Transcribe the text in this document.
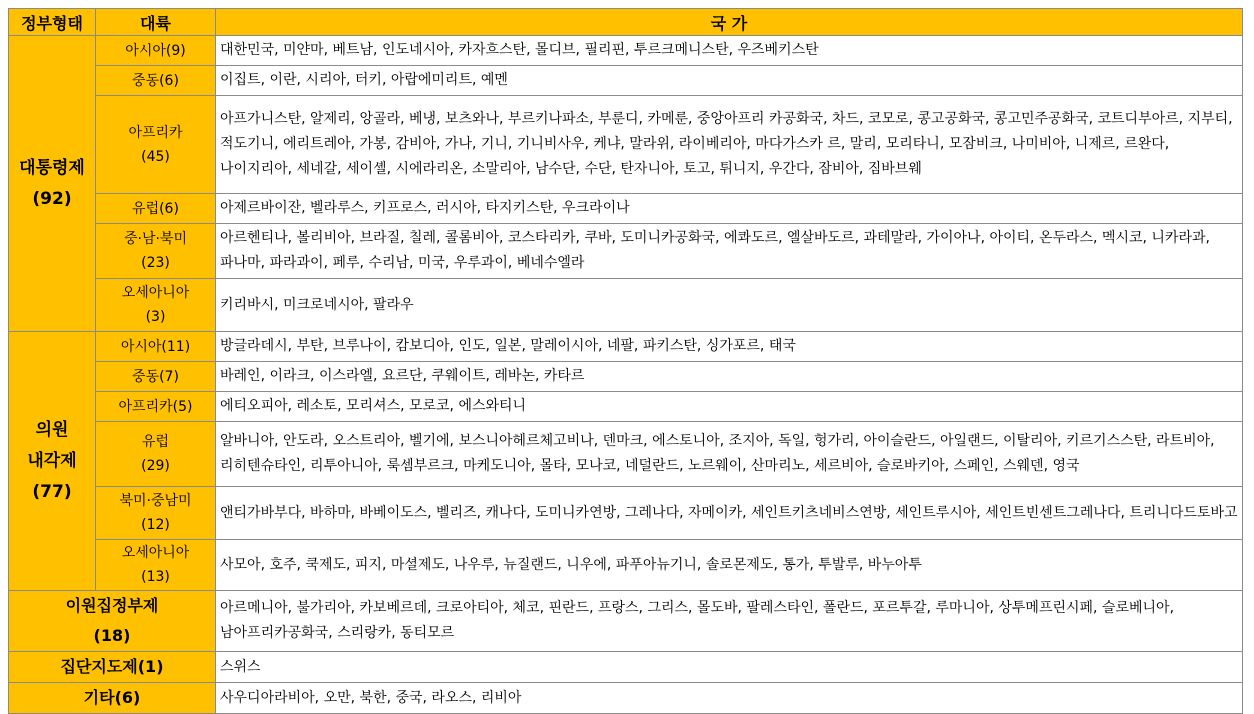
정부형태	대륙	국 가

대통령제
(92)	아시아(9)	대한민국, 미얀마, 베트남, 인도네시아, 카자흐스탄, 몰디브, 필리핀, 투르크메니스탄, 우즈베키스탄
	중동(6)	이집트, 이란, 시리아, 터키, 아랍에미리트, 예멘

	아프리카
(45)	아프가니스탄, 알제리, 앙골라, 베냉, 보츠와나, 부르키나파소, 부룬디, 카메룬, 중앙아프리 카공화국, 차드, 코모로, 콩고공화국, 콩고민주공화국, 코트디부아르, 지부티, 적도기니, 에리트레아, 가봉, 감비아, 가나, 기니, 기니비사우, 케냐, 말라위, 라이베리아, 마다가스카 르, 말리, 모리타니, 모잠비크, 나미비아, 니제르, 르완다, 나이지리아, 세네갈, 세이셸, 시에라리온, 소말리아, 남수단, 수단, 탄자니아, 토고, 튀니지, 우간다, 잠비아, 짐바브웨
	유럽(6)	아제르바이잔, 벨라루스, 키프로스, 러시아, 타지키스탄, 우크라이나

	중·남·북미
(23)	아르헨티나, 볼리비아, 브라질, 칠레, 콜롬비아, 코스타리카, 쿠바, 도미니카공화국, 에콰도르, 엘살바도르, 과테말라, 가이아나, 아이티, 온두라스, 멕시코, 니카라과, 파나마, 파라과이, 페루, 수리남, 미국, 우루과이, 베네수엘라

	오세아니아
(3)	키리바시, 미크로네시아, 팔라우

의원
내각제
(77)	아시아(11)	방글라데시, 부탄, 브루나이, 캄보디아, 인도, 일본, 말레이시아, 네팔, 파키스탄, 싱가포르, 태국
	중동(7)	바레인, 이라크, 이스라엘, 요르단, 쿠웨이트, 레바논, 카타르
	아프리카(5)	에티오피아, 레소토, 모리셔스, 모로코, 에스와티니

	유럽
(29)	알바니아, 안도라, 오스트리아, 벨기에, 보스니아헤르체고비나, 덴마크, 에스토니아, 조지아, 독일, 헝가리, 아이슬란드, 아일랜드, 이탈리아, 키르기스스탄, 라트비아, 리히텐슈타인, 리투아니아, 룩셈부르크, 마케도니아, 몰타, 모나코, 네덜란드, 노르웨이, 산마리노, 세르비아, 슬로바키아, 스페인, 스웨덴, 영국

	북미·중남미
(12)	앤티가바부다, 바하마, 바베이도스, 벨리즈, 캐나다, 도미니카연방, 그레나다, 자메이카, 세인트키츠네비스연방, 세인트루시아, 세인트빈센트그레나다, 트리니다드토바고

	오세아니아
(13)	사모아, 호주, 쿡제도, 피지, 마셜제도, 나우루, 뉴질랜드, 니우에, 파푸아뉴기니, 솔로몬제도, 통가, 투발루, 바누아투

이원집정부제
(18)		아르메니아, 불가리아, 카보베르데, 크로아티아, 체코, 핀란드, 프랑스, 그리스, 몰도바, 팔레스타인, 폴란드, 포르투갈, 루마니아, 상투메프린시페, 슬로베니아, 남아프리카공화국, 스리랑카, 동티모르
집단지도제(1)		스위스
기타(6)		사우디아라비아, 오만, 북한, 중국, 라오스, 리비아
